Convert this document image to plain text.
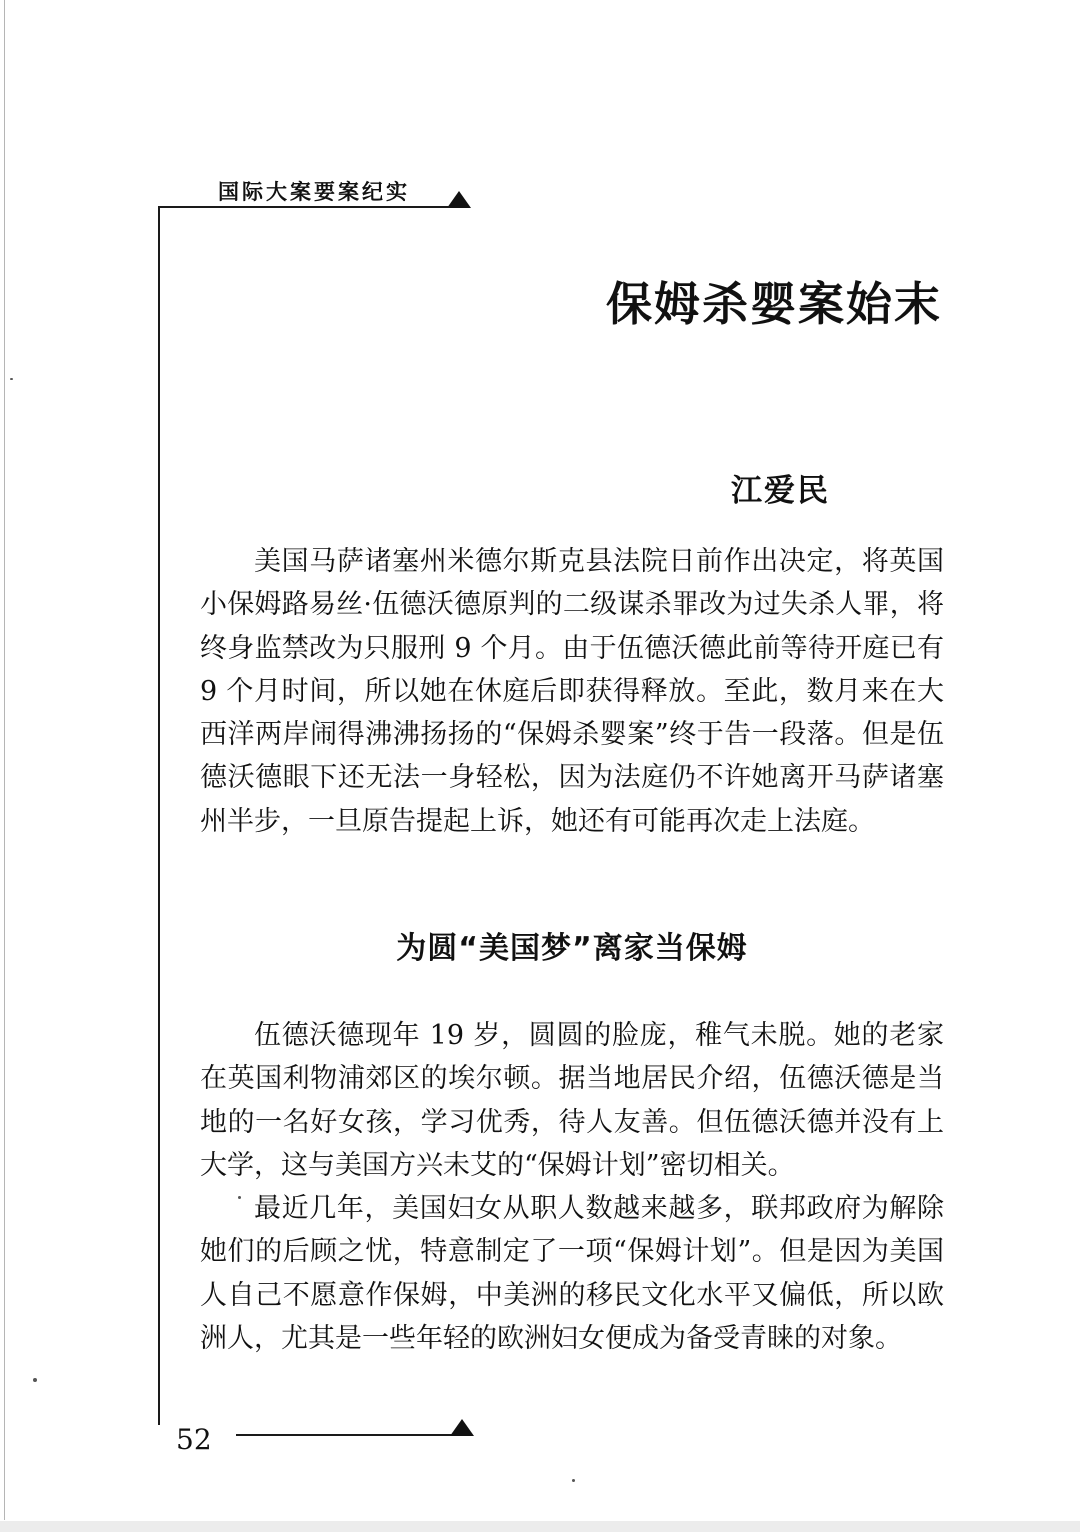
国际大案要案纪实
保姆杀婴案始末
江爱民

美国马萨诸塞州米德尔斯克县法院日前作出决定，将英国小保姆路易丝·伍德沃德原判的二级谋杀罪改为过失杀人罪，将终身监禁改为只服刑 9 个月。由于伍德沃德此前等待开庭已有 9 个月时间，所以她在休庭后即获得释放。至此，数月来在大西洋两岸闹得沸沸扬扬的“保姆杀婴案”终于告一段落。但是伍德沃德眼下还无法一身轻松，因为法庭仍不许她离开马萨诸塞州半步，一旦原告提起上诉，她还有可能再次走上法庭。

为圆“美国梦”离家当保姆

伍德沃德现年 19 岁，圆圆的脸庞，稚气未脱。她的老家在英国利物浦郊区的埃尔顿。据当地居民介绍，伍德沃德是当地的一名好女孩，学习优秀，待人友善。但伍德沃德并没有上大学，这与美国方兴未艾的“保姆计划”密切相关。

最近几年，美国妇女从职人数越来越多，联邦政府为解除她们的后顾之忧，特意制定了一项“保姆计划”。但是因为美国人自己不愿意作保姆，中美洲的移民文化水平又偏低，所以欧洲人，尤其是一些年轻的欧洲妇女便成为备受青睐的对象。

52
